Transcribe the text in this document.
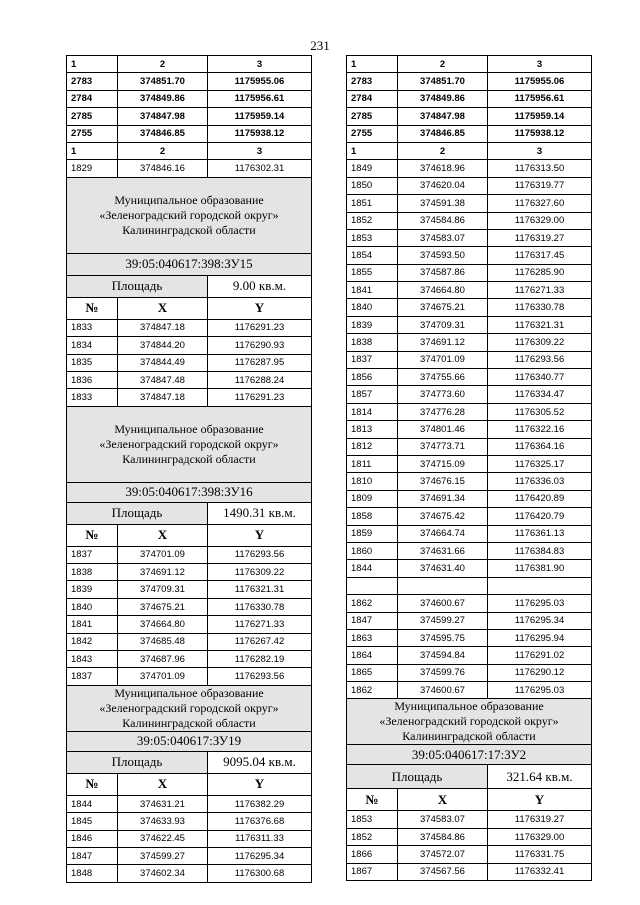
231
1	2	3
2783	374851.70	1175955.06
2784	374849.86	1175956.61
2785	374847.98	1175959.14
2755	374846.85	1175938.12
1	2	3
1829	374846.16	1176302.31

Муниципальное образование
«Зеленоградский городской округ»
Калининградской области		

39:05:040617:398:ЗУ15		
Площадь		9.00 кв.м.
№	X	Y
1833	374847.18	1176291.23
1834	374844.20	1176290.93
1835	374844.49	1176287.95
1836	374847.48	1176288.24
1833	374847.18	1176291.23

Муниципальное образование
«Зеленоградский городской округ»
Калининградской области		

39:05:040617:398:ЗУ16		
Площадь		1490.31 кв.м.
№	X	Y
1837	374701.09	1176293.56
1838	374691.12	1176309.22
1839	374709.31	1176321.31
1840	374675.21	1176330.78
1841	374664.80	1176271.33
1842	374685.48	1176267.42
1843	374687.96	1176282.19
1837	374701.09	1176293.56

Муниципальное образование
«Зеленоградский городской округ»
Калининградской области		

39:05:040617:ЗУ19		
Площадь		9095.04 кв.м.
№	X	Y
1844	374631.21	1176382.29
1845	374633.93	1176376.68
1846	374622.45	1176311.33
1847	374599.27	1176295.34
1848	374602.34	1176300.68
1	2	3
2783	374851.70	1175955.06
2784	374849.86	1175956.61
2785	374847.98	1175959.14
2755	374846.85	1175938.12
1	2	3
1849	374618.96	1176313.50
1850	374620.04	1176319.77
1851	374591.38	1176327.60
1852	374584.86	1176329.00
1853	374583.07	1176319.27
1854	374593.50	1176317.45
1855	374587.86	1176285.90
1841	374664.80	1176271.33
1840	374675.21	1176330.78
1839	374709.31	1176321.31
1838	374691.12	1176309.22
1837	374701.09	1176293.56
1856	374755.66	1176340.77
1857	374773.60	1176334.47
1814	374776.28	1176305.52
1813	374801.46	1176322.16
1812	374773.71	1176364.16
1811	374715.09	1176325.17
1810	374676.15	1176336.03
1809	374691.34	1176420.89
1858	374675.42	1176420.79
1859	374664.74	1176361.13
1860	374631.66	1176384.83
1844	374631.40	1176381.90

1862	374600.67	1176295.03
1847	374599.27	1176295.34
1863	374595.75	1176295.94
1864	374594.84	1176291.02
1865	374599.76	1176290.12
1862	374600.67	1176295.03

Муниципальное образование
«Зеленоградский городской округ»
Калининградской области		

39:05:040617:17:ЗУ2		
Площадь		321.64 кв.м.
№	X	Y
1853	374583.07	1176319.27
1852	374584.86	1176329.00
1866	374572.07	1176331.75
1867	374567.56	1176332.41
